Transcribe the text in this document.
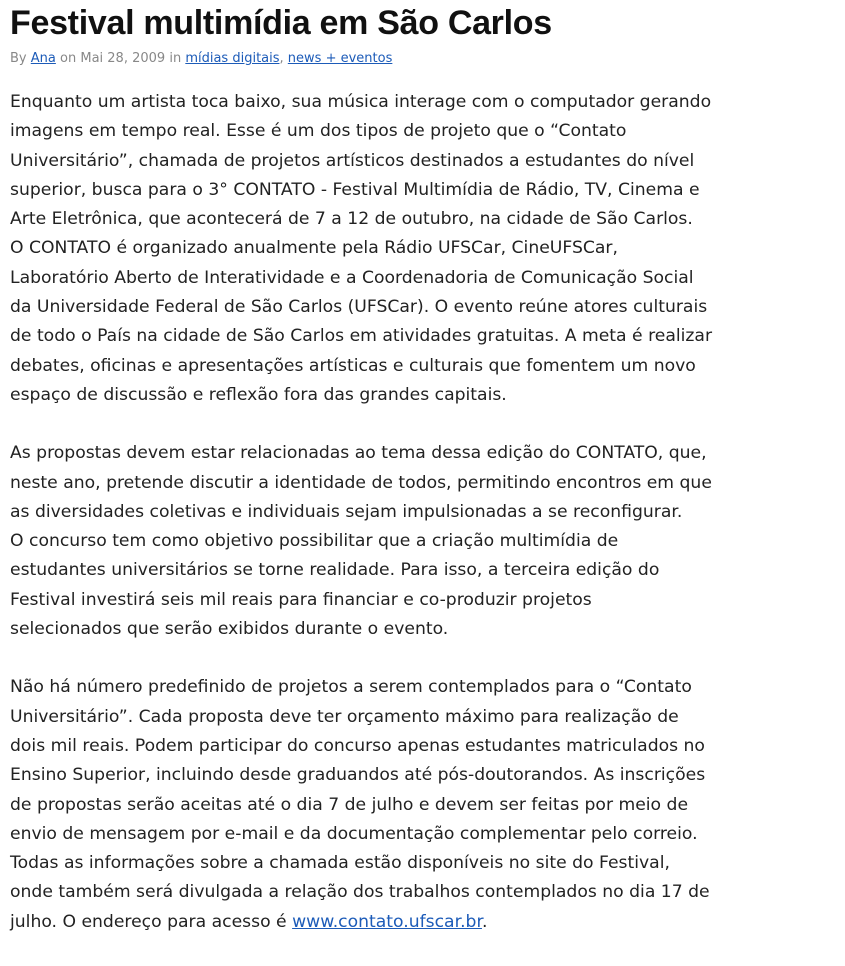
Festival multimídia em São Carlos
By Ana on Mai 28, 2009 in mídias digitais, news + eventos

Enquanto um artista toca baixo, sua música interage com o computador gerando
imagens em tempo real. Esse é um dos tipos de projeto que o “Contato
Universitário”, chamada de projetos artísticos destinados a estudantes do nível
superior, busca para o 3° CONTATO - Festival Multimídia de Rádio, TV, Cinema e
Arte Eletrônica, que acontecerá de 7 a 12 de outubro, na cidade de São Carlos.
O CONTATO é organizado anualmente pela Rádio UFSCar, CineUFSCar,
Laboratório Aberto de Interatividade e a Coordenadoria de Comunicação Social
da Universidade Federal de São Carlos (UFSCar). O evento reúne atores culturais
de todo o País na cidade de São Carlos em atividades gratuitas. A meta é realizar
debates, oficinas e apresentações artísticas e culturais que fomentem um novo
espaço de discussão e reflexão fora das grandes capitais.

As propostas devem estar relacionadas ao tema dessa edição do CONTATO, que,
neste ano, pretende discutir a identidade de todos, permitindo encontros em que
as diversidades coletivas e individuais sejam impulsionadas a se reconfigurar.
O concurso tem como objetivo possibilitar que a criação multimídia de
estudantes universitários se torne realidade. Para isso, a terceira edição do
Festival investirá seis mil reais para financiar e co-produzir projetos
selecionados que serão exibidos durante o evento.

Não há número predefinido de projetos a serem contemplados para o “Contato
Universitário”. Cada proposta deve ter orçamento máximo para realização de
dois mil reais. Podem participar do concurso apenas estudantes matriculados no
Ensino Superior, incluindo desde graduandos até pós-doutorandos. As inscrições
de propostas serão aceitas até o dia 7 de julho e devem ser feitas por meio de
envio de mensagem por e-mail e da documentação complementar pelo correio.
Todas as informações sobre a chamada estão disponíveis no site do Festival,
onde também será divulgada a relação dos trabalhos contemplados no dia 17 de
julho. O endereço para acesso é www.contato.ufscar.br.
